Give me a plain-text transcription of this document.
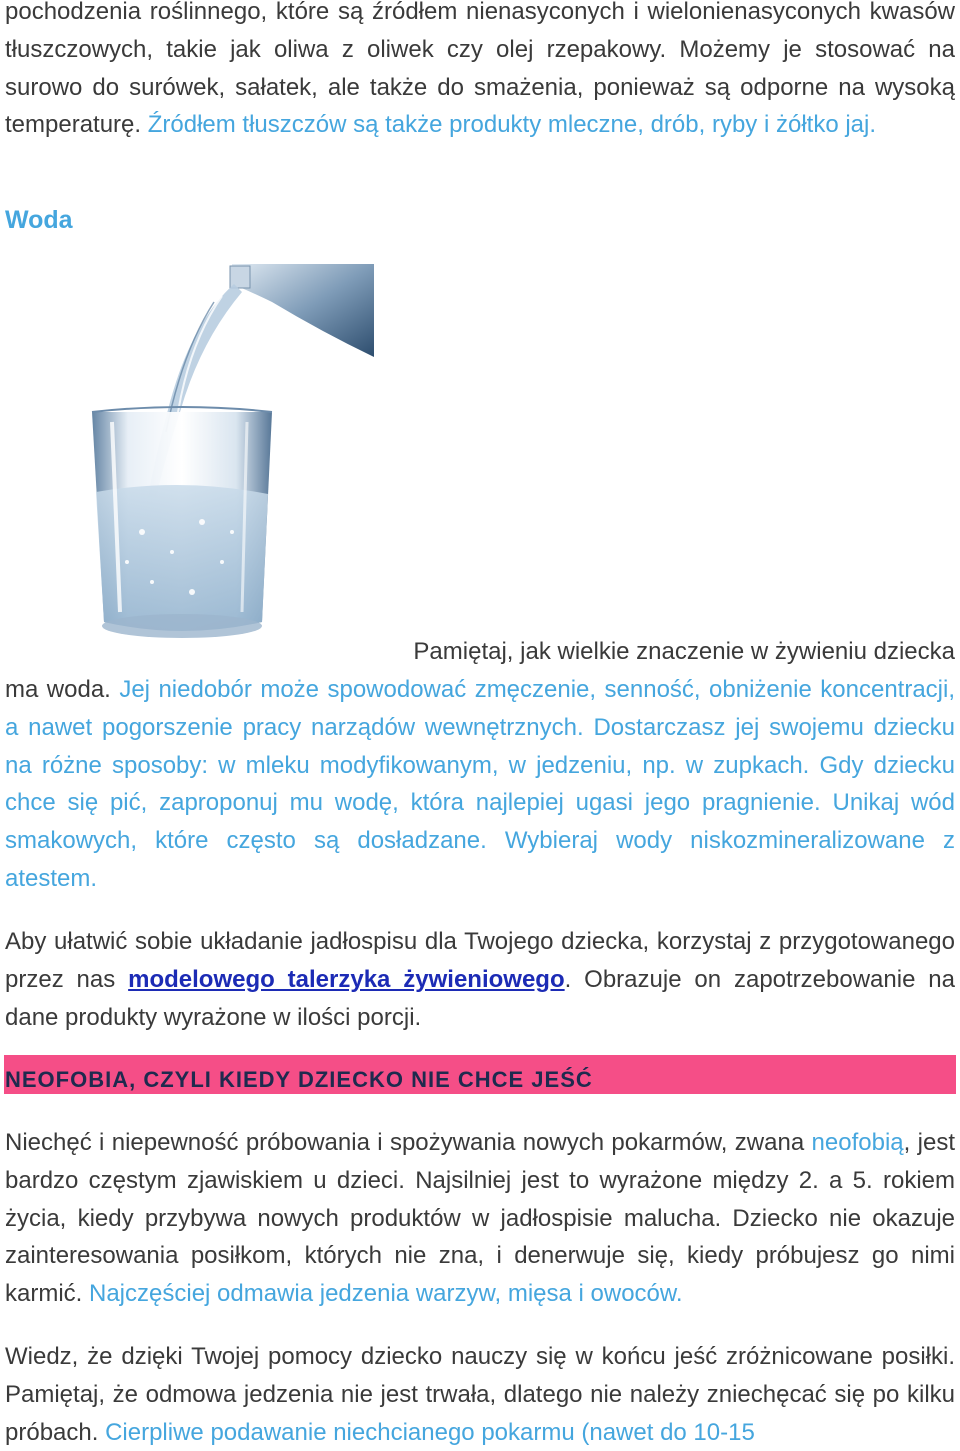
pochodzenia roślinnego, które są źródłem nienasyconych i wielonienasyconych kwasów tłuszczowych, takie jak oliwa z oliwek czy olej rzepakowy. Możemy je stosować na surowo do surówek, sałatek, ale także do smażenia, ponieważ są odporne na wysoką temperaturę. Źródłem tłuszczów są także produkty mleczne, drób, ryby i żółtko jaj.

Woda

Pamiętaj, jak wielkie znaczenie w żywieniu dziecka

ma woda. Jej niedobór może spowodować zmęczenie, senność, obniżenie koncentracji, a nawet pogorszenie pracy narządów wewnętrznych. Dostarczasz jej swojemu dziecku na różne sposoby: w mleku modyfikowanym, w jedzeniu, np. w zupkach. Gdy dziecku chce się pić, zaproponuj mu wodę, która najlepiej ugasi jego pragnienie. Unikaj wód smakowych, które często są dosładzane. Wybieraj wody niskozmineralizowane z atestem.

Aby ułatwić sobie układanie jadłospisu dla Twojego dziecka, korzystaj z przygotowanego przez nas modelowego talerzyka żywieniowego. Obrazuje on zapotrzebowanie na dane produkty wyrażone w ilości porcji.

NEOFOBIA, CZYLI KIEDY DZIECKO NIE CHCE JEŚĆ

Niechęć i niepewność próbowania i spożywania nowych pokarmów, zwana neofobią, jest bardzo częstym zjawiskiem u dzieci. Najsilniej jest to wyrażone między 2. a 5. rokiem życia, kiedy przybywa nowych produktów w jadłospisie malucha. Dziecko nie okazuje zainteresowania posiłkom, których nie zna, i denerwuje się, kiedy próbujesz go nimi karmić. Najczęściej odmawia jedzenia warzyw, mięsa i owoców.

Wiedz, że dzięki Twojej pomocy dziecko nauczy się w końcu jeść zróżnicowane posiłki. Pamiętaj, że odmowa jedzenia nie jest trwała, dlatego nie należy zniechęcać się po kilku próbach. Cierpliwe podawanie niechcianego pokarmu (nawet do 10-15
